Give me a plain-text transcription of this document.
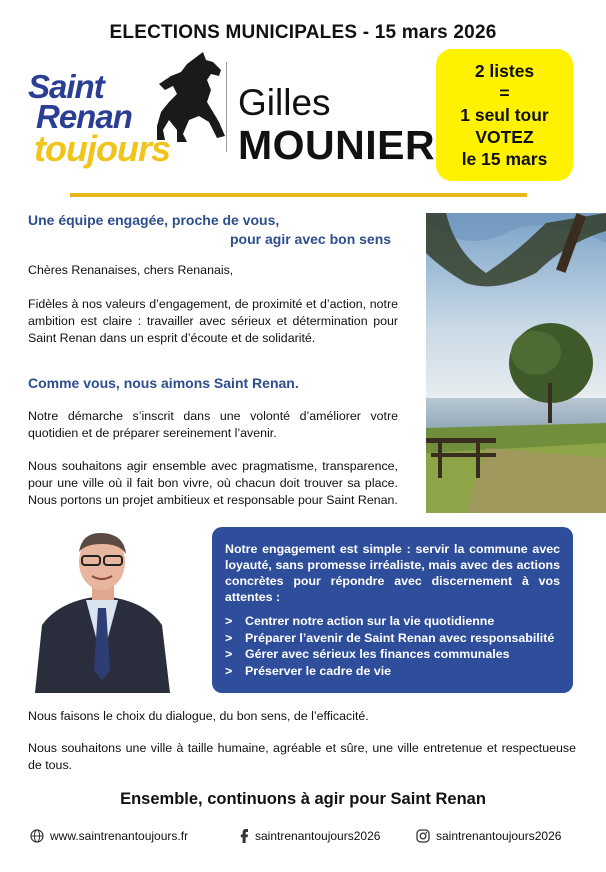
ELECTIONS MUNICIPALES - 15 mars 2026
Saint
Renan
toujours
Gilles
MOUNIER
2 listes
=
1 seul tour
VOTEZ
le 15 mars
Une équipe engagée, proche de vous,
pour agir avec bon sens
Chères Renanaises, chers Renanais,
Fidèles à nos valeurs d’engagement, de proximité et d’action, notre ambition est claire : travailler avec sérieux et détermination pour Saint Renan dans un esprit d’écoute et de solidarité.
Comme vous, nous aimons Saint Renan.
Notre démarche s’inscrit dans une volonté d’améliorer votre quotidien et de préparer sereinement l’avenir.
Nous souhaitons agir ensemble avec pragmatisme, transparence, pour une ville où il fait bon vivre, où chacun doit trouver sa place. Nous portons un projet ambitieux et responsable pour Saint Renan.
Notre engagement est simple : servir la commune avec loyauté, sans promesse irréaliste, mais avec des actions concrètes pour répondre avec discernement à vos attentes :
> Centrer notre action sur la vie quotidienne
> Préparer l’avenir de Saint Renan avec responsabilité
> Gérer avec sérieux les finances communales
> Préserver le cadre de vie
Nous faisons le choix du dialogue, du bon sens, de l’efficacité.
Nous souhaitons une ville à taille humaine, agréable et sûre, une ville entretenue et respectueuse de tous.
Ensemble, continuons à agir pour Saint Renan
www.saintrenantoujours.fr	saintrenantoujours2026	saintrenantoujours2026
